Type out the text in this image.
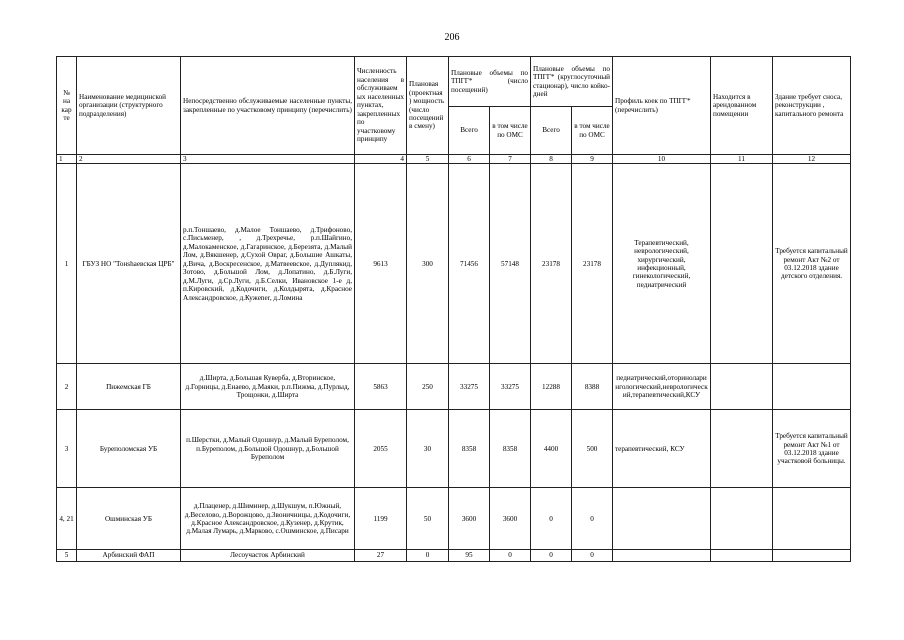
206
№ на кар те	Наименование медицинской организации (структурного подразделения)	Непосредственно обслуживаемые населенные пункты, закрепленные по участковому принципу (перечислить)	Численность населения в обслуживаем ых населенных пунктах, закрепленных по участковому принципу	Плановая (проектная ) мощность (число посещений в смену)	Плановые объемы по ТПГГ* (число посещений)		Плановые объемы по ТПГГ* (круглосуточный стационар), число койко-дней		Профиль коек по ТПГГ* (перечислить)	Находится в арендованном помещении	Здание требует сноса, реконструкции , капитального ремонта
					Всего	в том числе по ОМС	Всего	в том числе по ОМС			
1	2	3	4	5	6	7	8	9	10	11	12
1	ГБУЗ НО "Тонshaевская ЦРБ"	р.п.Тоншаево, д.Малое Тоншаево, д.Трифоново, с.Письменер, , д.Трехречье, р.п.Шайгино, д.Малокаменское, д.Гагаринское, д.Березята, д.Малый Лом, д.Вякшенер, д.Сухой Овраг, д.Большие Ашкаты, д.Вича, д.Воскресенское, д.Матвеевское, д.Дуплякид, Зотово, д.Большой Лом, д.Лопатино, д.Б.Луги, д.М.Луги, д.Ср.Луги, д.Б.Селки, Ивановское 1-е д, п.Кировский, д.Кодочиги, д.Колдырята, д.Красное Александровское, д.Кужener, д.Ломина	9613	300	71456	57148	23178	23178	Терапевтический, неврологический, хирургический, инфекционный, гинекологический, педиатрический		Требуется капитальный ремонт Акт №2 от 03.12.2018 здание детского отделения.
2	Пижемская ГБ	д.Ширта, д.Большая Куверба, д.Вторинское, д.Горницы, д.Енаево, д.Маяки, р.п.Пижма, д.Пурлыд, Трощонки, д.Ширта	5863	250	33275	33275	12288	8388	педиатрический,оториноларингологический,неврологический,терапевтический,КСУ		
3	Буреполомская УБ	п.Шерстки, д.Малый Одошнур, д.Малый Буреполом, п.Буреполом, д.Большой Одошнур, д.Большой Буреполом	2055	30	8358	8358	4400	500	терапевтический, КСУ		Требуется капитальный ремонт Акт №1 от 03.12.2018 здание участковой больницы.
4, 21	Ошминская УБ	д.Плаценер, д.Шиминер, д.Шукшум, п.Южный, д.Веселово, д.Ворожцово, д.Звоничницы, д.Кодочиги, д.Красное Александровское, д.Кузенер, д.Крутик, д.Малая Лумарь, д.Марково, с.Ошминское, д.Писари	1199	50	3600	3600	0	0			
5	Арбинский ФАП	Лесоучасток Арбинский	27	0	95	0	0	0			
